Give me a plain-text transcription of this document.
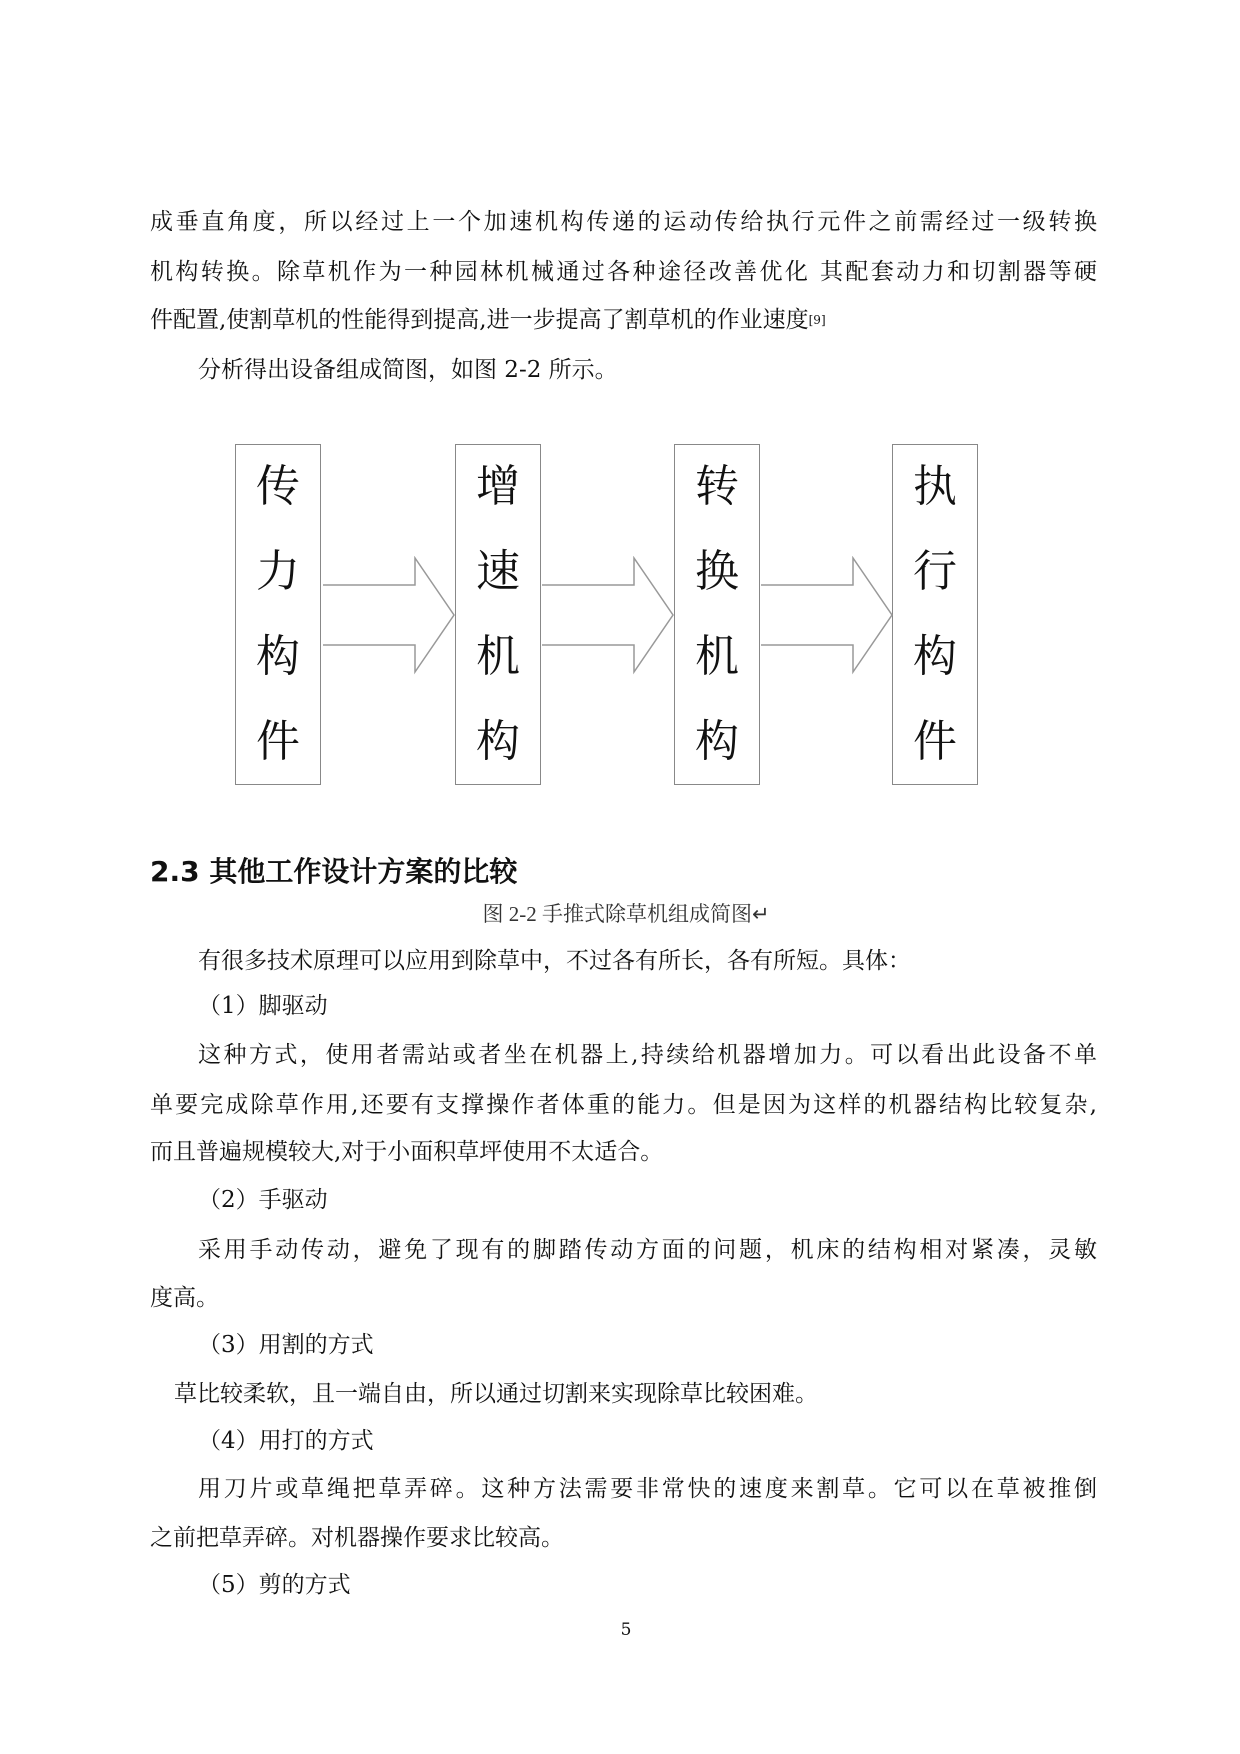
成垂直角度，所以经过上一个加速机构传递的运动传给执行元件之前需经过一级转换
机构转换。除草机作为一种园林机械通过各种途径改善优化 其配套动力和切割器等硬
件配置,使割草机的性能得到提高,进一步提高了割草机的作业速度[9]
分析得出设备组成简图，如图 2-2 所示。
传
力
构
件
增
速
机
构
转
换
机
构
执
行
构
件
图 2-2 手推式除草机组成简图↵
2.3 其他工作设计方案的比较
有很多技术原理可以应用到除草中，不过各有所长，各有所短。具体：
（1）脚驱动
这种方式，使用者需站或者坐在机器上,持续给机器增加力。可以看出此设备不单
单要完成除草作用,还要有支撑操作者体重的能力。但是因为这样的机器结构比较复杂,
而且普遍规模较大,对于小面积草坪使用不太适合。
（2）手驱动
采用手动传动，避免了现有的脚踏传动方面的问题，机床的结构相对紧凑，灵敏
度高。
（3）用割的方式
草比较柔软，且一端自由，所以通过切割来实现除草比较困难。
（4）用打的方式
用刀片或草绳把草弄碎。这种方法需要非常快的速度来割草。它可以在草被推倒
之前把草弄碎。对机器操作要求比较高。
（5）剪的方式
5
